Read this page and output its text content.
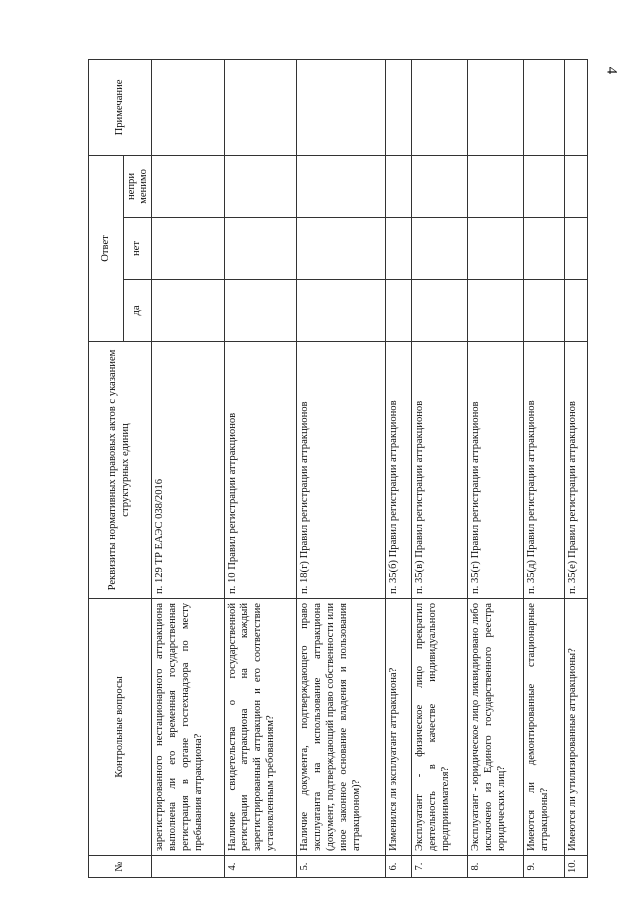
4
№	Контрольные вопросы	Реквизиты нормативных правовых актов с указанием структурных единиц	Ответ			Примечание
			да	нет	непри менимо	
	зарегистрированного нестационарного аттракциона выполнена ли его временная государственная регистрация в органе гостехнадзора по месту пребывания аттракциона?	п. 129 ТР ЕАЭС 038/2016				
4.	Наличие свидетельства о государственной регистрации аттракциона на каждый зарегистрированный аттракцион и его соответствие установленным требованиям?	п. 10 Правил регистрации аттракционов				
5.	Наличие документа, подтверждающего право эксплуатанта на использование аттракциона (документ, подтверждающий право собственности или иное законное основание владения и пользования аттракционом)?	п. 18(г) Правил регистрации аттракционов				
6.	Изменился ли эксплуатант аттракциона?	п. 35(б) Правил регистрации аттракционов				
7.	Эксплуатант - физическое лицо прекратил деятельность в качестве индивидуального предпринимателя?	п. 35(в) Правил регистрации аттракционов				
8.	Эксплуатант - юридическое лицо ликвидировано либо исключено из Единого государственного реестра юридических лиц?	п. 35(г) Правил регистрации аттракционов				
9.	Имеются ли демонтированные стационарные аттракционы?	п. 35(д) Правил регистрации аттракционов				
10.	Имеются ли утилизированные аттракционы?	п. 35(е) Правил регистрации аттракционов				
